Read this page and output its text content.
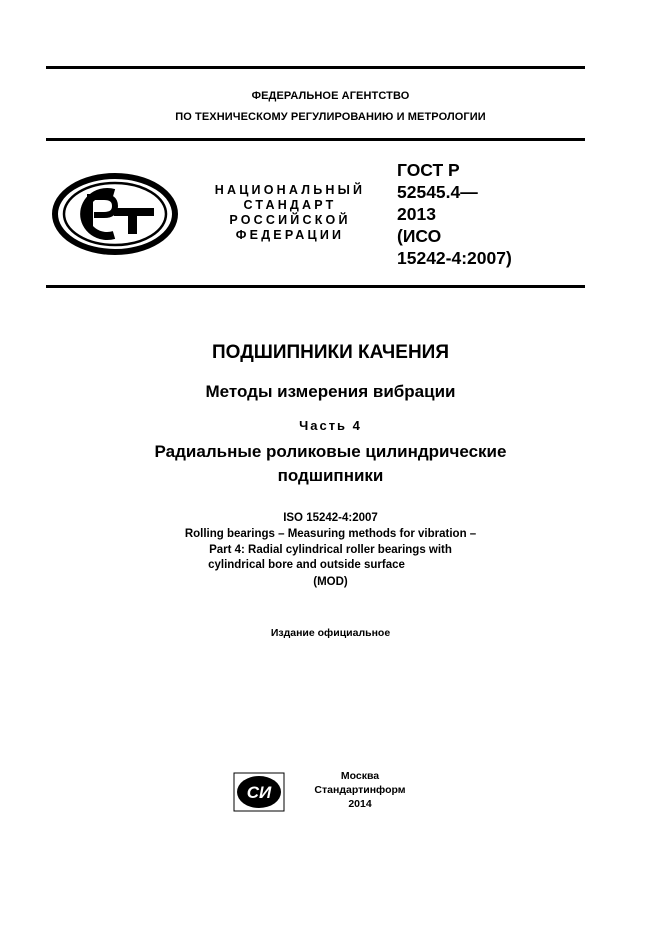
ФЕДЕРАЛЬНОЕ АГЕНТСТВО
ПО ТЕХНИЧЕСКОМУ РЕГУЛИРОВАНИЮ И МЕТРОЛОГИИ
НАЦИОНАЛЬНЫЙ
СТАНДАРТ
РОССИЙСКОЙ
ФЕДЕРАЦИИ
ГОСТ Р
52545.4—
2013
(ИСО
15242-4:2007)
ПОДШИПНИКИ КАЧЕНИЯ
Методы измерения вибрации
Часть 4
Радиальные роликовые цилиндрические
подшипники
ISO 15242-4:2007
Rolling bearings – Measuring methods for vibration –
Part 4: Radial cylindrical roller bearings with
cylindrical bore and outside surface
(MOD)
Издание официальное
СИ
Москва
Стандартинформ
2014
